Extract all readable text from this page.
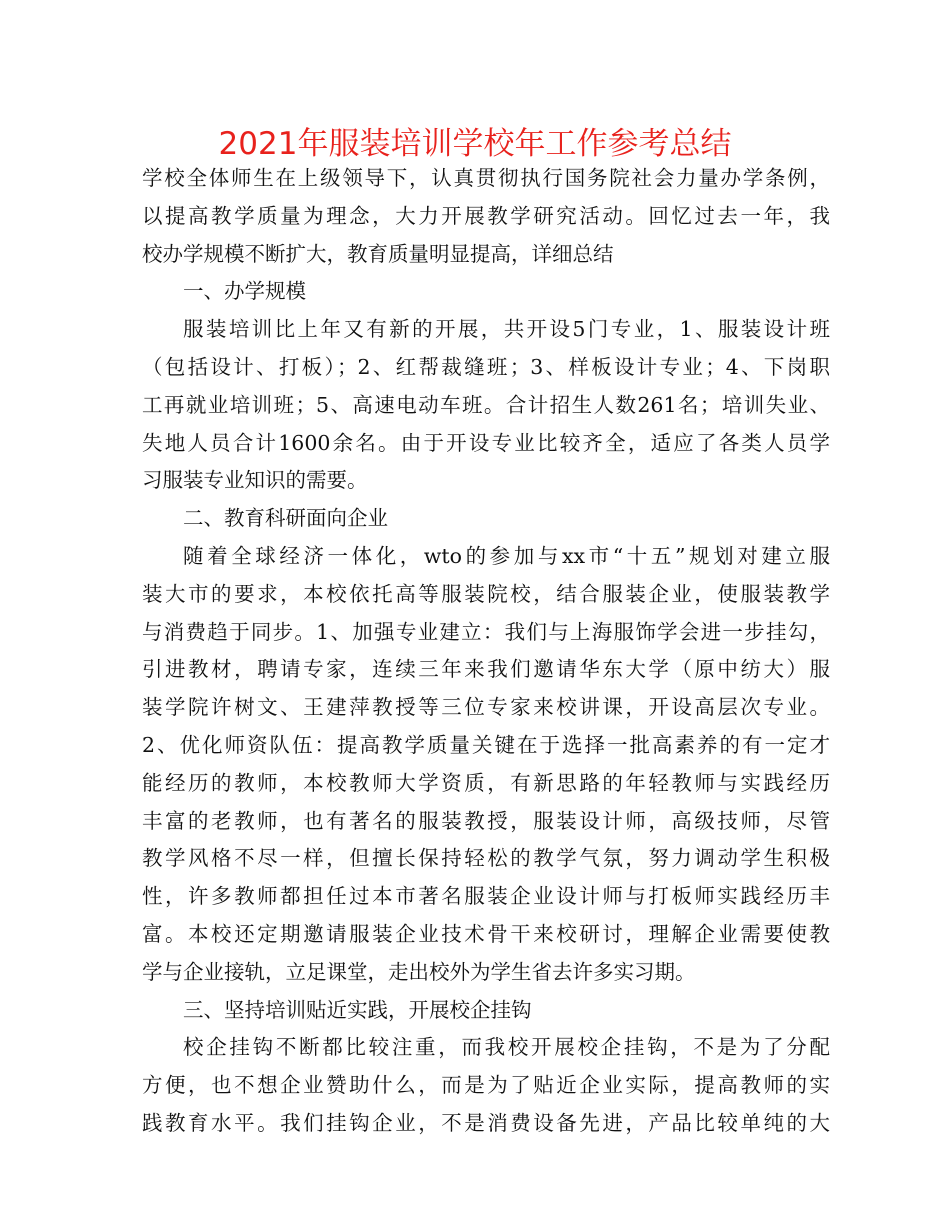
2021年服装培训学校年工作参考总结
学校全体师生在上级领导下，认真贯彻执行国务院社会力量办学条例，
以提高教学质量为理念，大力开展教学研究活动。回忆过去一年，我
校办学规模不断扩大，教育质量明显提高，详细总结
一、办学规模
服装培训比上年又有新的开展，共开设5门专业，1、服装设计班
（包括设计、打板）；2、红帮裁缝班；3、样板设计专业；4、下岗职
工再就业培训班；5、高速电动车班。合计招生人数261名；培训失业、
失地人员合计1600余名。由于开设专业比较齐全，适应了各类人员学
习服装专业知识的需要。
二、教育科研面向企业
随着全球经济一体化，wto的参加与xx市“十五”规划对建立服
装大市的要求，本校依托高等服装院校，结合服装企业，使服装教学
与消费趋于同步。1、加强专业建立：我们与上海服饰学会进一步挂勾，
引进教材，聘请专家，连续三年来我们邀请华东大学（原中纺大）服
装学院许树文、王建萍教授等三位专家来校讲课，开设高层次专业。
2、优化师资队伍：提高教学质量关键在于选择一批高素养的有一定才
能经历的教师，本校教师大学资质，有新思路的年轻教师与实践经历
丰富的老教师，也有著名的服装教授，服装设计师，高级技师，尽管
教学风格不尽一样，但擅长保持轻松的教学气氛，努力调动学生积极
性，许多教师都担任过本市著名服装企业设计师与打板师实践经历丰
富。本校还定期邀请服装企业技术骨干来校研讨，理解企业需要使教
学与企业接轨，立足课堂，走出校外为学生省去许多实习期。
三、坚持培训贴近实践，开展校企挂钩
校企挂钩不断都比较注重，而我校开展校企挂钩，不是为了分配
方便，也不想企业赞助什么，而是为了贴近企业实际，提高教师的实
践教育水平。我们挂钩企业，不是消费设备先进，产品比较单纯的大
